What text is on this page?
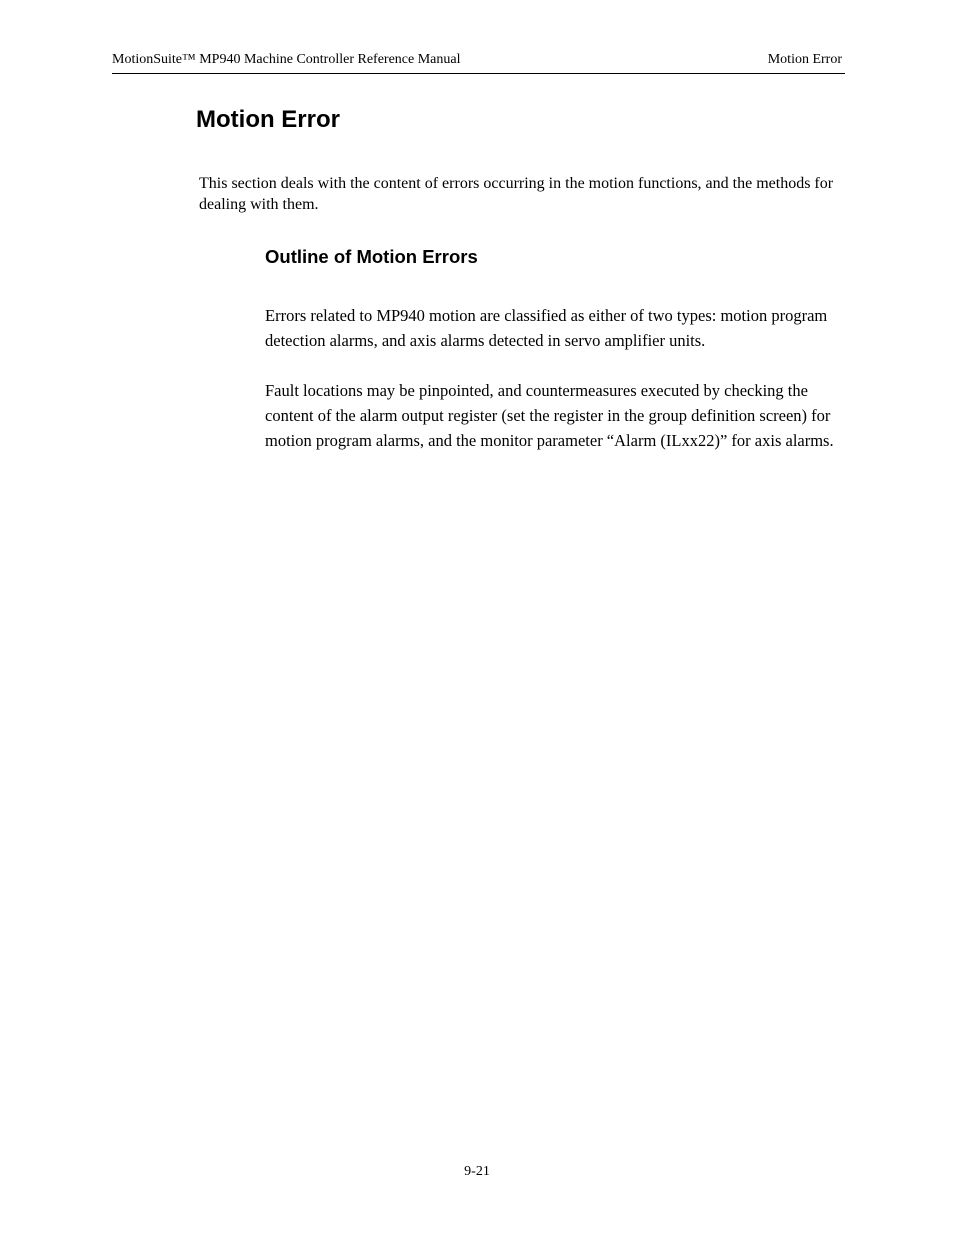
MotionSuite™ MP940 Machine Controller Reference Manual	Motion Error
Motion Error

This section deals with the content of errors occurring in the motion functions, and the methods for dealing with them.

Outline of Motion Errors

Errors related to MP940 motion are classified as either of two types: motion program detection alarms, and axis alarms detected in servo amplifier units.

Fault locations may be pinpointed, and countermeasures executed by checking the content of the alarm output register (set the register in the group definition screen) for motion program alarms, and the monitor parameter “Alarm (ILxx22)” for axis alarms.

9-21
